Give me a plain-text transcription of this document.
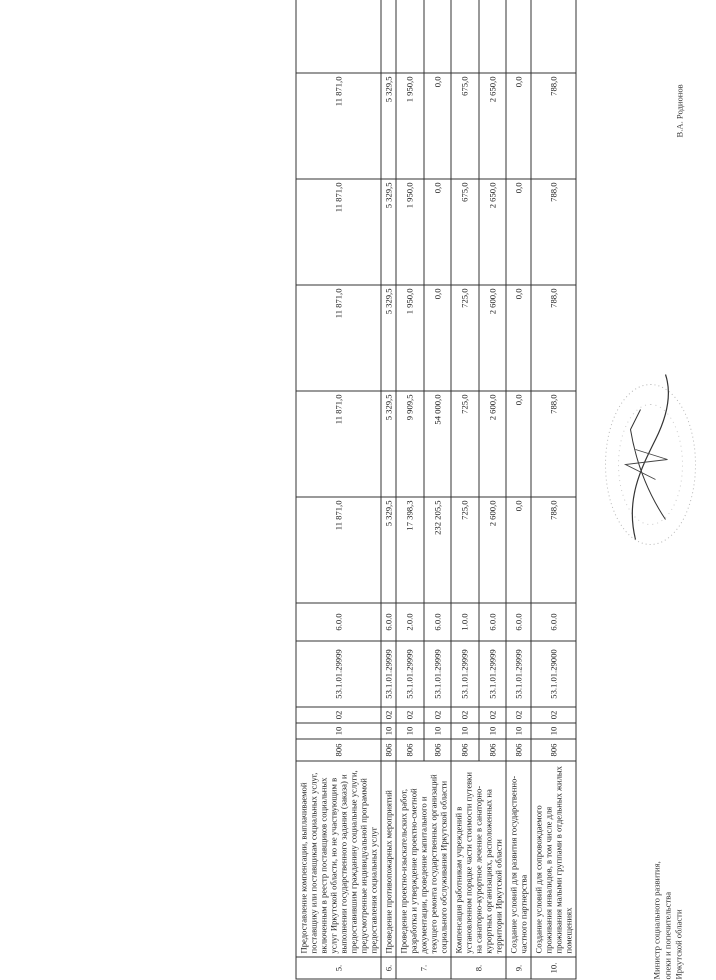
5.	Предоставление компенсации, выплачиваемой поставщику или поставщикам социальных услуг, включенным в реестр поставщиков социальных услуг Иркутской области, но не участвующим в выполнении государственного задания (заказа) и предоставившим гражданину социальные услуги, предусмотренные индивидуальной программой предоставления социальных услуг	806	10	02	53.1.01.29999	6.0.0	11 871,0	11 871,0	11 871,0	11 871,0	11 871,0	
6.	Проведение противопожарных мероприятий	806	10	02	53.1.01.29999	6.0.0	5 329,5	5 329,5	5 329,5	5 329,5	5 329,5	
7.	Проведение проектно-изыскательских работ, разработка и утверждение проектно-сметной документации, проведение капитального и текущего ремонта государственных организаций социального обслуживания Иркутской области	806	10	02	53.1.01.29999	2.0.0	17 398,3	9 909,5	1 950,0	1 950,0	1 950,0	
		806	10	02	53.1.01.29999	6.0.0	232 205,5	54 000,0	0,0	0,0	0,0	
8.	Компенсация работникам учреждений в установленном порядке части стоимости путевки на санаторно-курортное лечение в санаторно-курортных организациях, расположенных на территории Иркутской области	806	10	02	53.1.01.29999	1.0.0	725,0	725,0	725,0	675,0	675,0	
		806	10	02	53.1.01.29999	6.0.0	2 600,0	2 600,0	2 600,0	2 650,0	2 650,0	
9.	Создание условий для развития государственно-частного партнерства	806	10	02	53.1.01.29999	6.0.0	0,0	0,0	0,0	0,0	0,0	
10.	Создание условий для сопровождаемого проживания инвалидов, в том числе для проживания малыми группами в отдельных жилых помещениях	806	10	02	53.1.01.29000	6.0.0	788,0	788,0	788,0	788,0	788,0	
Министр социального развития, опеки и попечительства Иркутской области
В.А. Родионов
